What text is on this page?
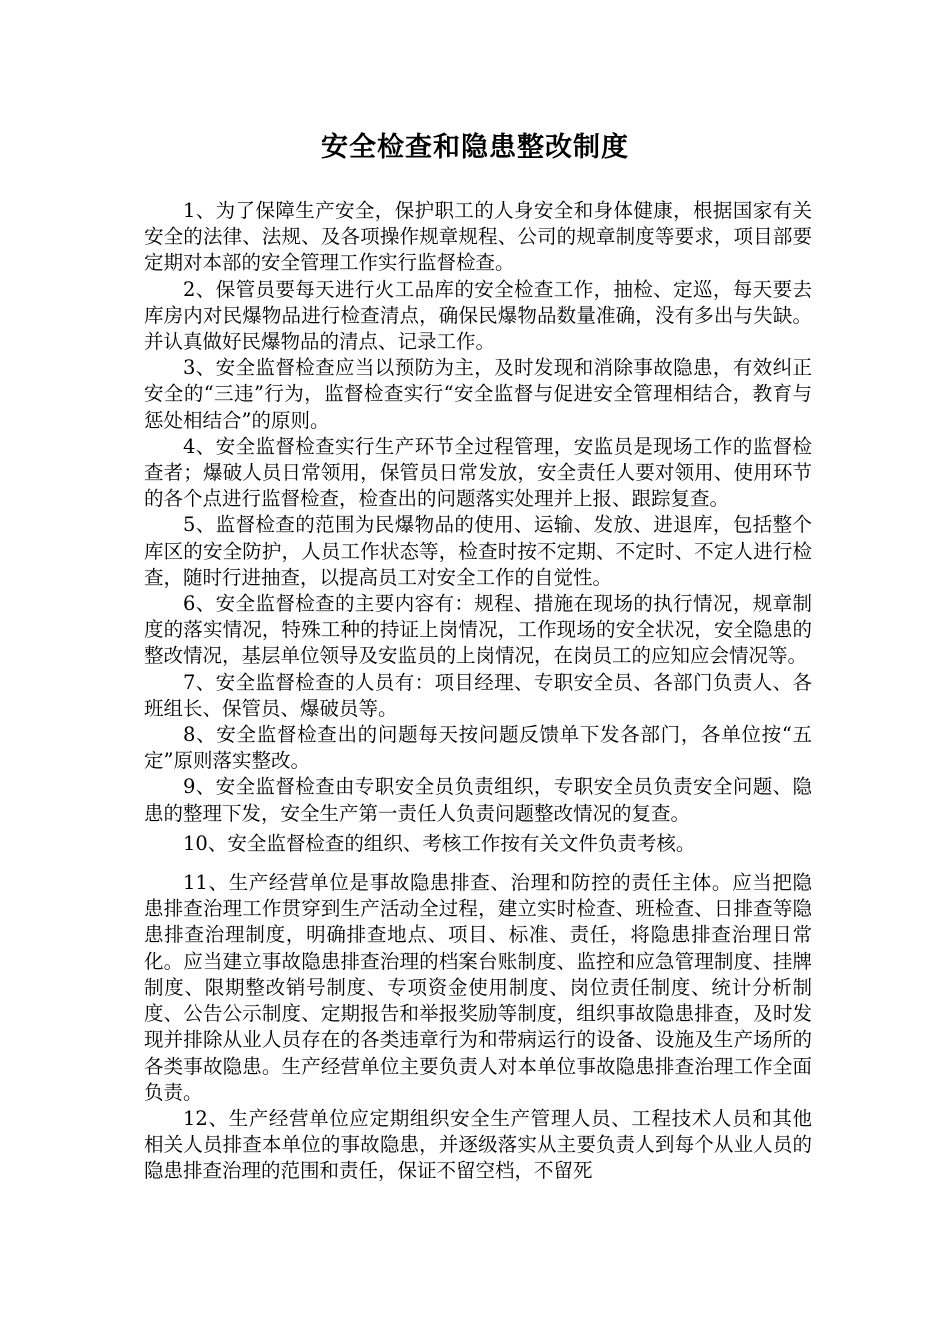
安全检查和隐患整改制度

1、为了保障生产安全，保护职工的人身安全和身体健康，根据国家有关安全的法律、法规、及各项操作规章规程、公司的规章制度等要求，项目部要定期对本部的安全管理工作实行监督检查。

2、保管员要每天进行火工品库的安全检查工作，抽检、定巡，每天要去库房内对民爆物品进行检查清点，确保民爆物品数量准确，没有多出与失缺。并认真做好民爆物品的清点、记录工作。

3、安全监督检查应当以预防为主，及时发现和消除事故隐患，有效纠正安全的“三违”行为，监督检查实行“安全监督与促进安全管理相结合，教育与惩处相结合”的原则。

4、安全监督检查实行生产环节全过程管理，安监员是现场工作的监督检查者；爆破人员日常领用，保管员日常发放，安全责任人要对领用、使用环节的各个点进行监督检查，检查出的问题落实处理并上报、跟踪复查。

5、监督检查的范围为民爆物品的使用、运输、发放、进退库，包括整个库区的安全防护，人员工作状态等，检查时按不定期、不定时、不定人进行检查，随时行进抽查，以提高员工对安全工作的自觉性。

6、安全监督检查的主要内容有：规程、措施在现场的执行情况，规章制度的落实情况，特殊工种的持证上岗情况，工作现场的安全状况，安全隐患的整改情况，基层单位领导及安监员的上岗情况，在岗员工的应知应会情况等。

7、安全监督检查的人员有：项目经理、专职安全员、各部门负责人、各班组长、保管员、爆破员等。

8、安全监督检查出的问题每天按问题反馈单下发各部门，各单位按“五定”原则落实整改。

9、安全监督检查由专职安全员负责组织，专职安全员负责安全问题、隐患的整理下发，安全生产第一责任人负责问题整改情况的复查。

10、安全监督检查的组织、考核工作按有关文件负责考核。

11、生产经营单位是事故隐患排查、治理和防控的责任主体。应当把隐患排查治理工作贯穿到生产活动全过程，建立实时检查、班检查、日排查等隐患排查治理制度，明确排查地点、项目、标准、责任，将隐患排查治理日常化。应当建立事故隐患排查治理的档案台账制度、监控和应急管理制度、挂牌制度、限期整改销号制度、专项资金使用制度、岗位责任制度、统计分析制度、公告公示制度、定期报告和举报奖励等制度，组织事故隐患排查，及时发现并排除从业人员存在的各类违章行为和带病运行的设备、设施及生产场所的各类事故隐患。生产经营单位主要负责人对本单位事故隐患排查治理工作全面负责。

12、生产经营单位应定期组织安全生产管理人员、工程技术人员和其他相关人员排查本单位的事故隐患，并逐级落实从主要负责人到每个从业人员的隐患排查治理的范围和责任，保证不留空档，不留死
